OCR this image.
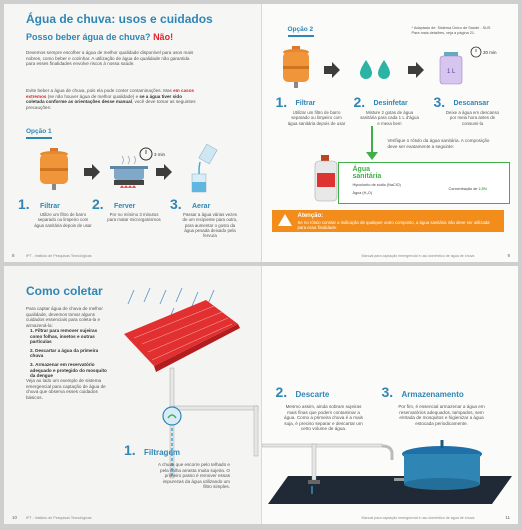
Água de chuva: usos e cuidados
Posso beber água de chuva? Não!
Devemos sempre escolher a água de melhor qualidade disponível para usos mais nobres, como beber e cozinhar. A utilização de água de qualidade não garantida para esses finalidades envolve riscos à nossa saúde.
Evite beber a água de chuva, pois ela pode conter contaminações. Mas em casos extremos (se não houver água de melhor qualidade) e se a água tiver sido coletada conforme as orientações desse manual, você deve tomar as seguintes precauções:
Opção 1
3 min
1. Filtrar
Utilize um filtro de barro separado ou limpeiro com água sanitária depois de usar
2. Ferver
Por no mínimo 3 minutos para matar microrganismos
3. Aerar
Passar a água várias vezes de um recipiente para outro, para aumentar o gosto da água pesada deixado pela fervura
8	IPT - Instituto de Pesquisas Tecnológicas
Opção 2	* Adaptado de: Sistema Único de Saúde - SUS
Para mais detalhes, veja a página 21.
1 L
30 min
1. Filtrar
Utilizar um filtro de barro separado ou limpeiro com água sanitária depois de usar
2. Desinfetar
Misture 2 gotas de água sanitária para cada 1 L d'água e mexa bem
3. Descansar
Deixe a água em descanso por meia hora antes de consumi-la
Verifique o rótulo da água sanitária. A composição deve ser exatamente a seguinte:
Água sanitária
Hipoclorito de sódio (NaClO)
Água (H₂O)
Concentração de 2,5%
Atenção:
Se no rótulo constar a indicação de qualquer outro composto, a água sanitária não deve ser utilizada para essa finalidade.
Manual para captação emergencial e uso doméstico de água de chuva	9
Como coletar
Para captar água de chuva de melhor qualidade, devemos tomar alguns cuidados essenciais para coleta-la e armazená-la:
1. Filtrar para remover sujeiras como folhas, insetos e outras partículas
2. Descartar a água da primeira chuva
3. Armazenar em reservatório adequado e protegido do mosquito da dengue
Veja ao lado um exemplo de sistema emergencial para captação de água de chuva que observa esses cuidados básicos.
1. Filtragem
A chuva que escorre pelo telhado e pela calha arrasta muita sujeira. O primeiro passo é remover essas impurezas da água utilizando um filtro simples.
10 IPT - Instituto de Pesquisas Tecnológicas
2. Descarte
Mesmo assim, ainda sobram sujeiras mais finas que podem contaminar a água. Como a primeira chuva é a mais suja, é preciso separar e descartar um certo volume de água.
3. Armazenamento
Por fim, é essencial armazenar a água em reservatórios adequados, tampados, sem entrada de mosquitos e higienizar a água estocada periodicamente.
Manual para captação emergencial e uso doméstico de água de chuva	11
